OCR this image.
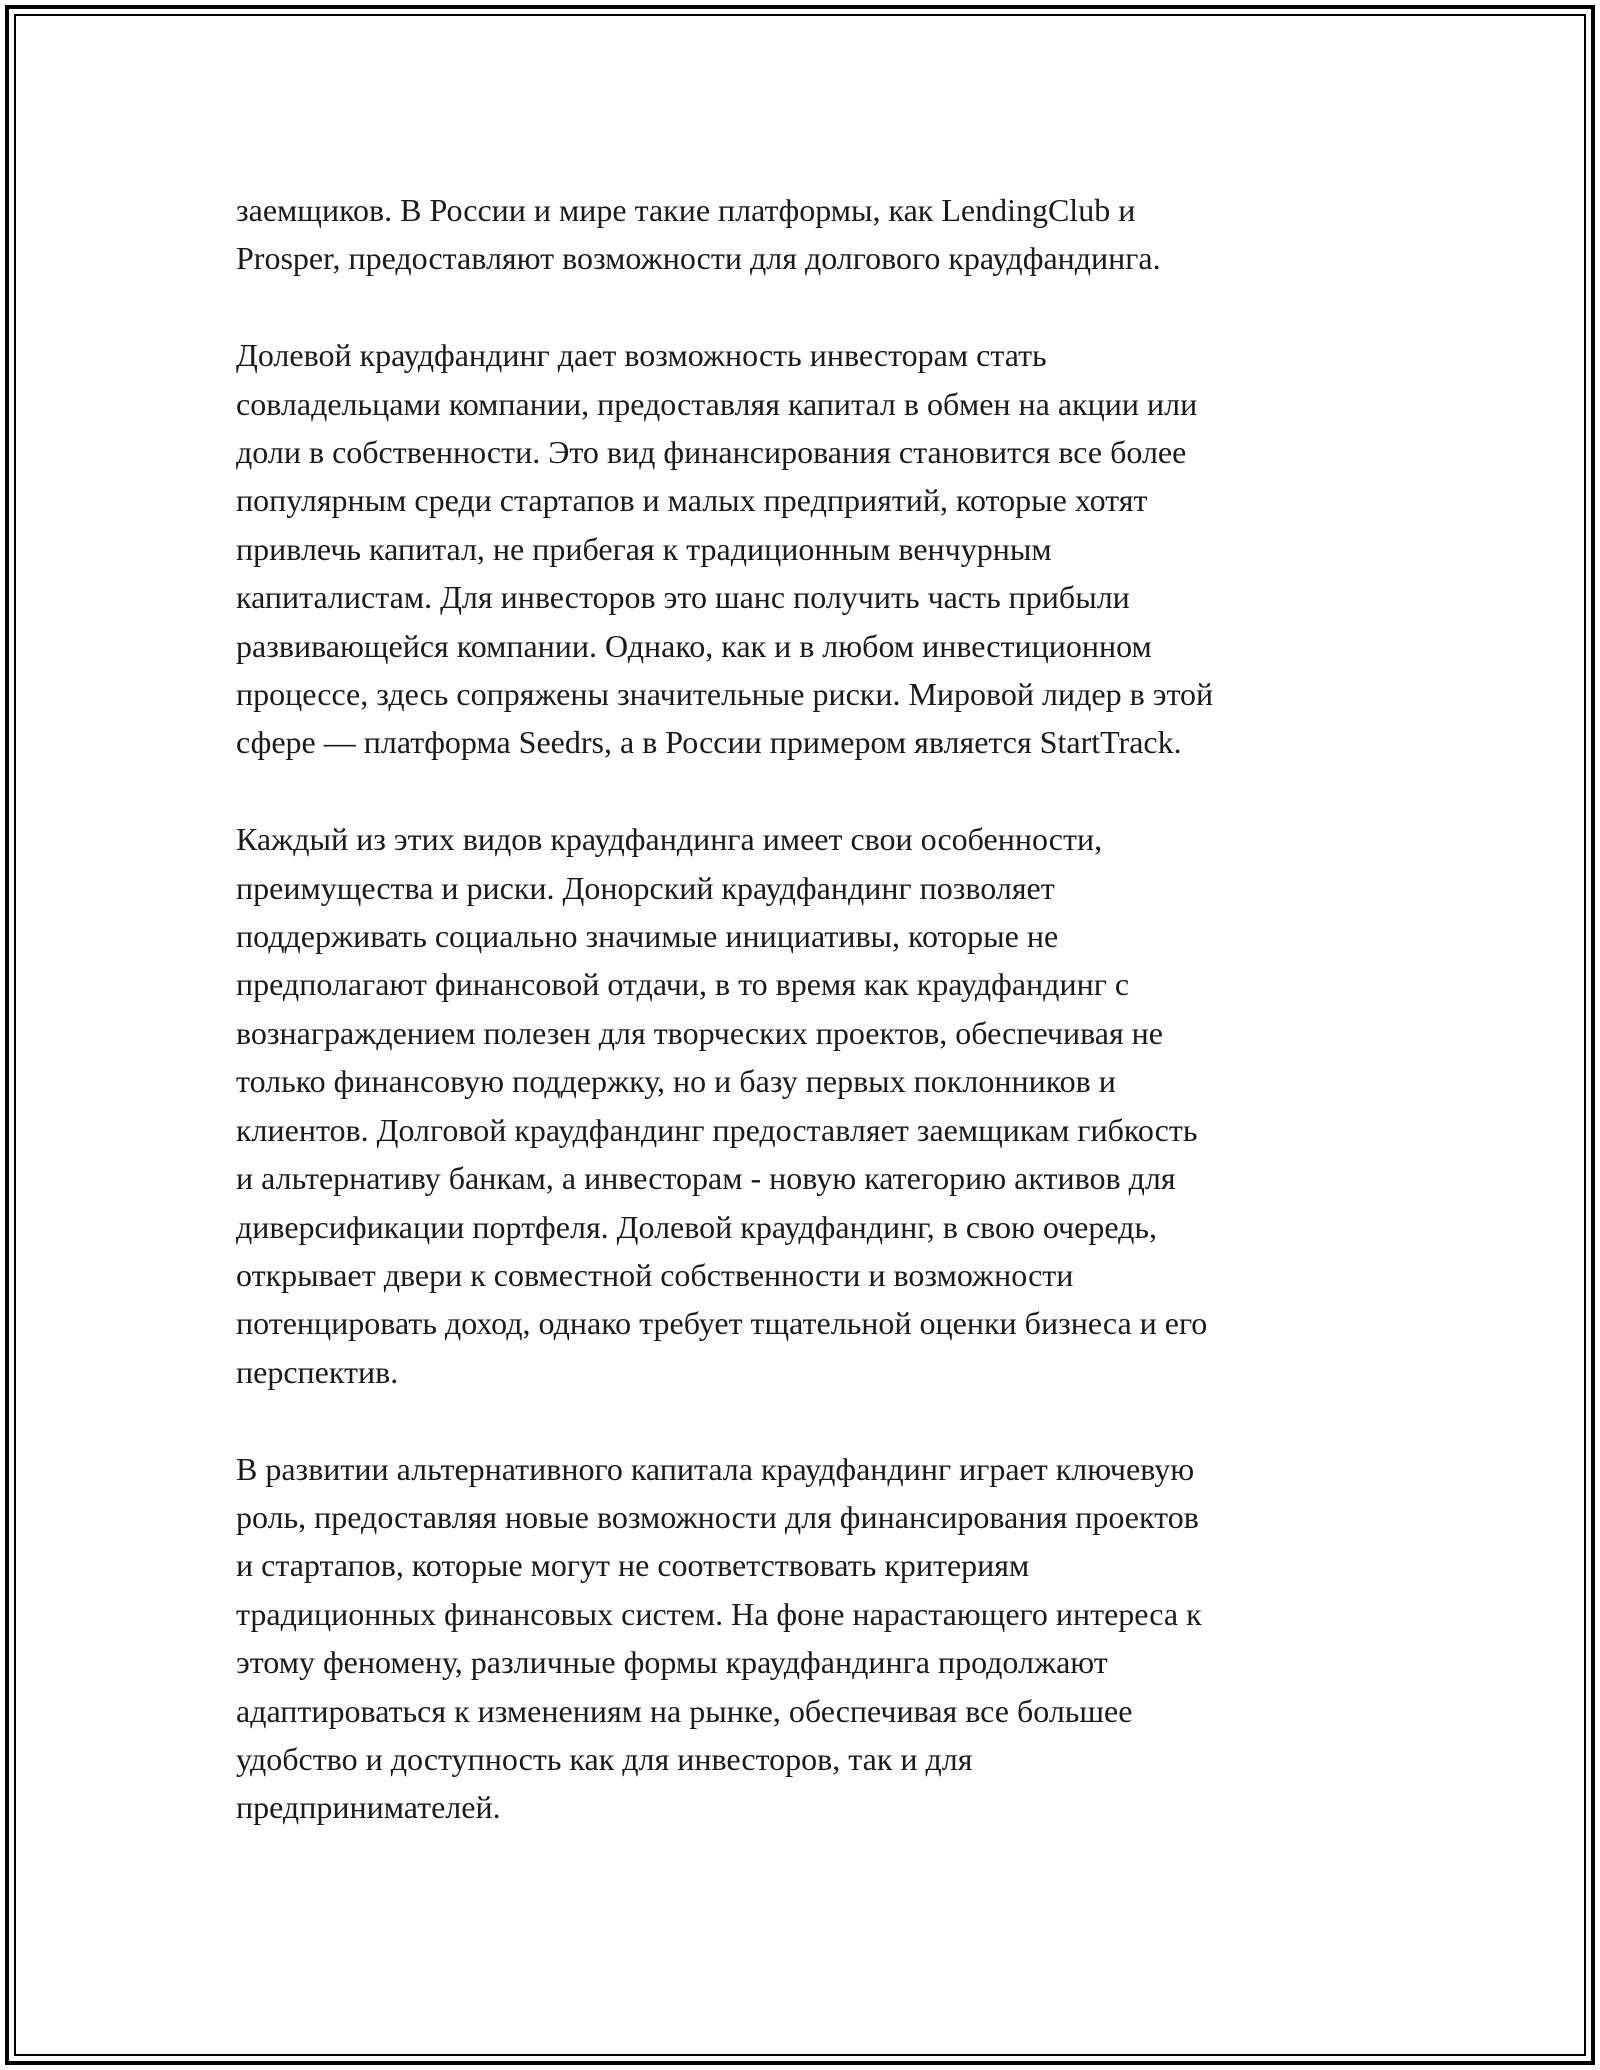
заемщиков. В России и мире такие платформы, как LendingClub и
Prosper, предоставляют возможности для долгового краудфандинга.

Долевой краудфандинг дает возможность инвесторам стать
совладельцами компании, предоставляя капитал в обмен на акции или
доли в собственности. Это вид финансирования становится все более
популярным среди стартапов и малых предприятий, которые хотят
привлечь капитал, не прибегая к традиционным венчурным
капиталистам. Для инвесторов это шанс получить часть прибыли
развивающейся компании. Однако, как и в любом инвестиционном
процессе, здесь сопряжены значительные риски. Мировой лидер в этой
сфере — платформа Seedrs, а в России примером является StartTrack.

Каждый из этих видов краудфандинга имеет свои особенности,
преимущества и риски. Донорский краудфандинг позволяет
поддерживать социально значимые инициативы, которые не
предполагают финансовой отдачи, в то время как краудфандинг с
вознаграждением полезен для творческих проектов, обеспечивая не
только финансовую поддержку, но и базу первых поклонников и
клиентов. Долговой краудфандинг предоставляет заемщикам гибкость
и альтернативу банкам, а инвесторам - новую категорию активов для
диверсификации портфеля. Долевой краудфандинг, в свою очередь,
открывает двери к совместной собственности и возможности
потенцировать доход, однако требует тщательной оценки бизнеса и его
перспектив.

В развитии альтернативного капитала краудфандинг играет ключевую
роль, предоставляя новые возможности для финансирования проектов
и стартапов, которые могут не соответствовать критериям
традиционных финансовых систем. На фоне нарастающего интереса к
этому феномену, различные формы краудфандинга продолжают
адаптироваться к изменениям на рынке, обеспечивая все большее
удобство и доступность как для инвесторов, так и для
предпринимателей.
